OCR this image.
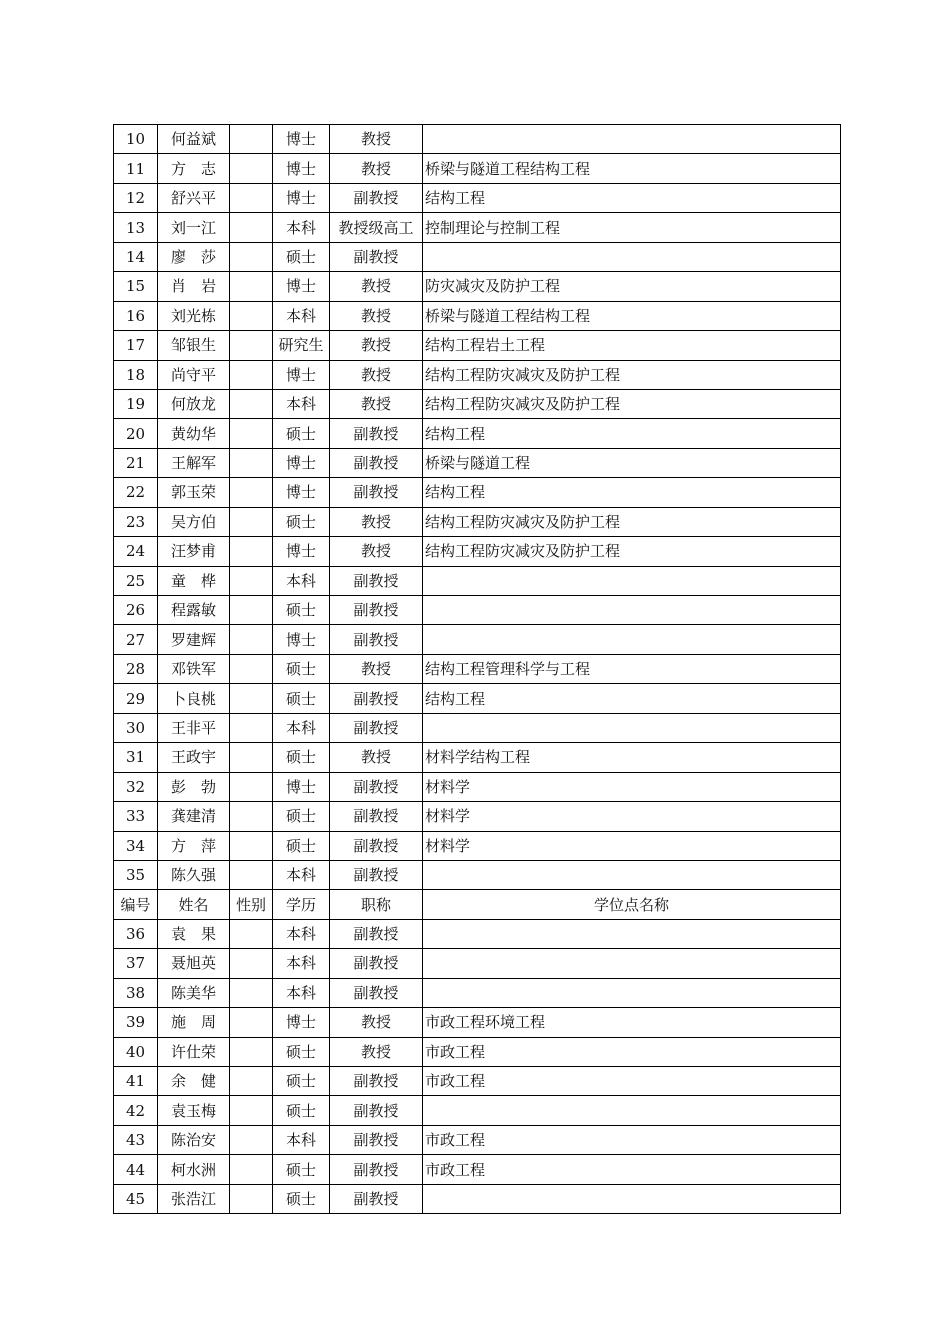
10	何益斌		博士	教授	
11	方　志		博士	教授	桥梁与隧道工程结构工程
12	舒兴平		博士	副教授	结构工程
13	刘一江		本科	教授级高工	控制理论与控制工程
14	廖　莎		硕士	副教授	
15	肖　岩		博士	教授	防灾减灾及防护工程
16	刘光栋		本科	教授	桥梁与隧道工程结构工程
17	邹银生		研究生	教授	结构工程岩土工程
18	尚守平		博士	教授	结构工程防灾减灾及防护工程
19	何放龙		本科	教授	结构工程防灾减灾及防护工程
20	黄幼华		硕士	副教授	结构工程
21	王解军		博士	副教授	桥梁与隧道工程
22	郭玉荣		博士	副教授	结构工程
23	吴方伯		硕士	教授	结构工程防灾减灾及防护工程
24	汪梦甫		博士	教授	结构工程防灾减灾及防护工程
25	童　桦		本科	副教授	
26	程露敏		硕士	副教授	
27	罗建辉		博士	副教授	
28	邓铁军		硕士	教授	结构工程管理科学与工程
29	卜良桃		硕士	副教授	结构工程
30	王非平		本科	副教授	
31	王政宇		硕士	教授	材料学结构工程
32	彭　勃		博士	副教授	材料学
33	龚建清		硕士	副教授	材料学
34	方　萍		硕士	副教授	材料学
35	陈久强		本科	副教授	
编号	姓名	性别	学历	职称	学位点名称
36	袁　果		本科	副教授	
37	聂旭英		本科	副教授	
38	陈美华		本科	副教授	
39	施　周		博士	教授	市政工程环境工程
40	许仕荣		硕士	教授	市政工程
41	余　健		硕士	副教授	市政工程
42	袁玉梅		硕士	副教授	
43	陈治安		本科	副教授	市政工程
44	柯水洲		硕士	副教授	市政工程
45	张浩江		硕士	副教授	
